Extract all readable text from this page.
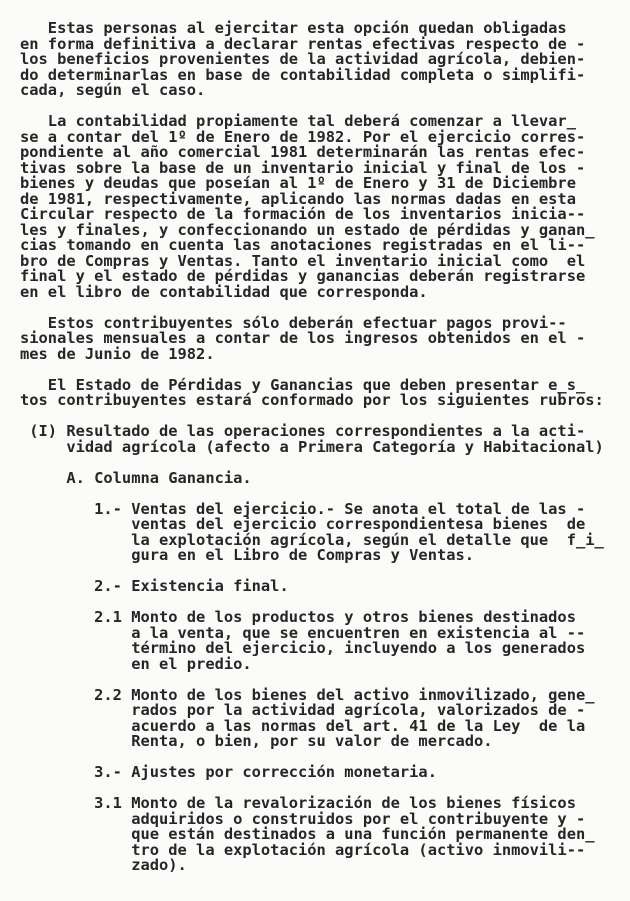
Estas personas al ejercitar esta opción quedan obligadas
en forma definitiva a declarar rentas efectivas respecto de -
los beneficios provenientes de la actividad agrícola, debien-
do determinarlas en base de contabilidad completa o simplifi-
cada, según el caso.
La contabilidad propiamente tal deberá comenzar a llevar̲
se a contar del 1º de Enero de 1982. Por el ejercicio corres-
pondiente al año comercial 1981 determinarán las rentas efec-
tivas sobre la base de un inventario inicial y final de los -
bienes y deudas que poseían al 1º de Enero y 31 de Diciembre
de 1981, respectivamente, aplicando las normas dadas en esta
Circular respecto de la formación de los inventarios inicia--
les y finales, y confeccionando un estado de pérdidas y ganan̲
cias tomando en cuenta las anotaciones registradas en el li--
bro de Compras y Ventas. Tanto el inventario inicial como  el
final y el estado de pérdidas y ganancias deberán registrarse
en el libro de contabilidad que corresponda.
Estos contribuyentes sólo deberán efectuar pagos provi--
sionales mensuales a contar de los ingresos obtenidos en el -
mes de Junio de 1982.
El Estado de Pérdidas y Ganancias que deben presentar e̲s̲
tos contribuyentes estará conformado por los siguientes rubros:
(I) Resultado de las operaciones correspondientes a la acti-
vidad agrícola (afecto a Primera Categoría y Habitacional)
A. Columna Ganancia.
1.- Ventas del ejercicio.- Se anota el total de las -
ventas del ejercicio correspondientesa bienes  de
la explotación agrícola, según el detalle que  f̲i̲
gura en el Libro de Compras y Ventas.
2.- Existencia final.
2.1 Monto de los productos y otros bienes destinados
a la venta, que se encuentren en existencia al --
término del ejercicio, incluyendo a los generados
en el predio.
2.2 Monto de los bienes del activo inmovilizado, gene̲
rados por la actividad agrícola, valorizados de -
acuerdo a las normas del art. 41 de la Ley  de la
Renta, o bien, por su valor de mercado.
3.- Ajustes por corrección monetaria.
3.1 Monto de la revalorización de los bienes físicos
adquiridos o construidos por el contribuyente y -
que están destinados a una función permanente den̲
tro de la explotación agrícola (activo inmovili--
zado).
